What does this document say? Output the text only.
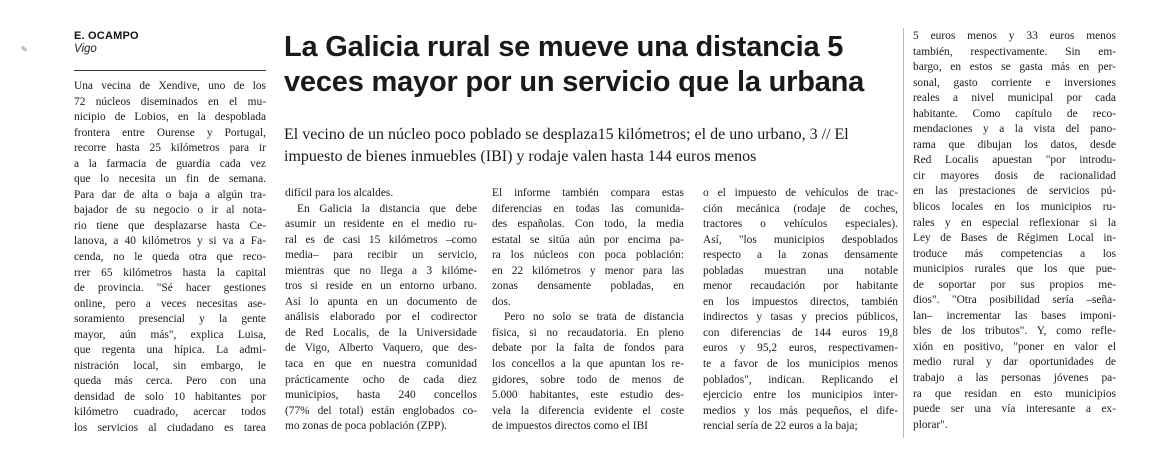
✎
E. OCAMPO
Vigo	La Galicia rural se mueve una distancia 5 veces mayor por un servicio que la urbana

El vecino de un núcleo poco poblado se desplaza15 kilómetros; el de uno urbano, 3 // El impuesto de bienes inmuebles (IBI) y rodaje valen hasta 144 euros menos

Una vecina de Xendive, uno de los
72 núcleos diseminados en el mu-
nicipio de Lobios, en la despoblada
frontera entre Ourense y Portugal,
recorre hasta 25 kilómetros para ir
a la farmacia de guardia cada vez
que lo necesita un fin de semana.
Para dar de alta o baja a algún tra-
bajador de su negocio o ir al nota-
rio tiene que desplazarse hasta Ce-
lanova, a 40 kilómetros y si va a Fa-
cenda, no le queda otra que reco-
rrer 65 kilómetros hasta la capital
de provincia. "Sé hacer gestiones
online, pero a veces necesitas ase-
soramiento presencial y la gente
mayor, aún más", explica Luisa,
que regenta una hípica. La admi-
nistración local, sin embargo, le
queda más cerca. Pero con una
densidad de solo 10 habitantes por
kilómetro cuadrado, acercar todos
los servicios al ciudadano es tarea
difícil para los alcaldes.
En Galicia la distancia que debe
asumir un residente en el medio ru-
ral es de casi 15 kilómetros –como
media– para recibir un servicio,
mientras que no llega a 3 kilóme-
tros si reside en un entorno urbano.
Así lo apunta en un documento de
análisis elaborado por el codirector
de Red Localis, de la Universidade
de Vigo, Alberto Vaquero, que des-
taca en que en nuestra comunidad
prácticamente ocho de cada diez
municipios, hasta 240 concellos
(77% del total) están englobados co-
mo zonas de poca población (ZPP).
El informe también compara estas
diferencias en todas las comunida-
des españolas. Con todo, la media
estatal se sitúa aún por encima pa-
ra los núcleos con poca población:
en 22 kilómetros y menor para las
zonas densamente pobladas, en
dos.
Pero no solo se trata de distancia
física, si no recaudatoria. En pleno
debate por la falta de fondos para
los concellos a la que apuntan los re-
gidores, sobre todo de menos de
5.000 habitantes, este estudio des-
vela la diferencia evidente el coste
de impuestos directos como el IBI
o el impuesto de vehículos de trac-
ción mecánica (rodaje de coches,
tractores o vehículos especiales).
Así, "los municipios despoblados
respecto a la zonas densamente
pobladas muestran una notable
menor recaudación por habitante
en los impuestos directos, también
indirectos y tasas y precios públicos,
con diferencias de 144 euros 19,8
euros y 95,2 euros, respectivamen-
te a favor de los municipios menos
poblados", indican. Replicando el
ejercicio entre los municipios inter-
medios y los más pequeños, el dife-
rencial sería de 22 euros a la baja;
5 euros menos y 33 euros menos
también, respectivamente. Sin em-
bargo, en estos se gasta más en per-
sonal, gasto corriente e inversiones
reales a nivel municipal por cada
habitante. Como capítulo de reco-
mendaciones y a la vista del pano-
rama que dibujan los datos, desde
Red Localis apuestan "por introdu-
cir mayores dosis de racionalidad
en las prestaciones de servicios pú-
blicos locales en los municipios ru-
rales y en especial reflexionar si la
Ley de Bases de Régimen Local in-
troduce más competencias a los
municipios rurales que los que pue-
de soportar por sus propios me-
dios". "Otra posibilidad sería –seña-
lan– incrementar las bases imponi-
bles de los tributos". Y, como refle-
xión en positivo, "poner en valor el
medio rural y dar oportunidades de
trabajo a las personas jóvenes pa-
ra que residan en esto municipios
puede ser una vía interesante a ex-
plorar".
